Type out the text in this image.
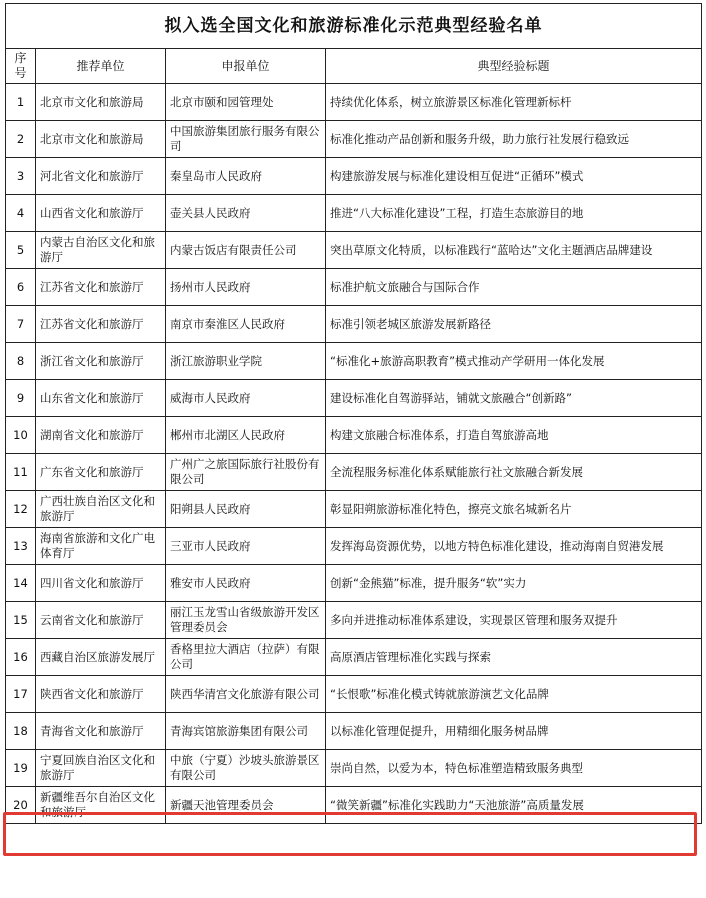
拟入选全国文化和旅游标准化示范典型经验名单			
序号	推荐单位	申报单位	典型经验标题
1	北京市文化和旅游局	北京市颐和园管理处	持续优化体系，树立旅游景区标准化管理新标杆
2	北京市文化和旅游局	中国旅游集团旅行服务有限公司	标准化推动产品创新和服务升级，助力旅行社发展行稳致远
3	河北省文化和旅游厅	秦皇岛市人民政府	构建旅游发展与标准化建设相互促进“正循环”模式
4	山西省文化和旅游厅	壶关县人民政府	推进“八大标准化建设”工程，打造生态旅游目的地
5	内蒙古自治区文化和旅游厅	内蒙古饭店有限责任公司	突出草原文化特质，以标准践行“蓝哈达”文化主题酒店品牌建设
6	江苏省文化和旅游厅	扬州市人民政府	标准护航文旅融合与国际合作
7	江苏省文化和旅游厅	南京市秦淮区人民政府	标准引领老城区旅游发展新路径
8	浙江省文化和旅游厅	浙江旅游职业学院	“标准化+旅游高职教育”模式推动产学研用一体化发展
9	山东省文化和旅游厅	威海市人民政府	建设标准化自驾游驿站，铺就文旅融合“创新路”
10	湖南省文化和旅游厅	郴州市北湖区人民政府	构建文旅融合标准体系，打造自驾旅游高地
11	广东省文化和旅游厅	广州广之旅国际旅行社股份有限公司	全流程服务标准化体系赋能旅行社文旅融合新发展
12	广西壮族自治区文化和旅游厅	阳朔县人民政府	彰显阳朔旅游标准化特色，擦亮文旅名城新名片
13	海南省旅游和文化广电体育厅	三亚市人民政府	发挥海岛资源优势，以地方特色标准化建设，推动海南自贸港发展
14	四川省文化和旅游厅	雅安市人民政府	创新“金熊猫”标准，提升服务“软”实力
15	云南省文化和旅游厅	丽江玉龙雪山省级旅游开发区管理委员会	多向并进推动标准体系建设，实现景区管理和服务双提升
16	西藏自治区旅游发展厅	香格里拉大酒店（拉萨）有限公司	高原酒店管理标准化实践与探索
17	陕西省文化和旅游厅	陕西华清宫文化旅游有限公司	“长恨歌”标准化模式铸就旅游演艺文化品牌
18	青海省文化和旅游厅	青海宾馆旅游集团有限公司	以标准化管理促提升，用精细化服务树品牌
19	宁夏回族自治区文化和旅游厅	中旅（宁夏）沙坡头旅游景区有限公司	崇尚自然，以爱为本，特色标准塑造精致服务典型
20	新疆维吾尔自治区文化和旅游厅	新疆天池管理委员会	“微笑新疆”标准化实践助力“天池旅游”高质量发展
